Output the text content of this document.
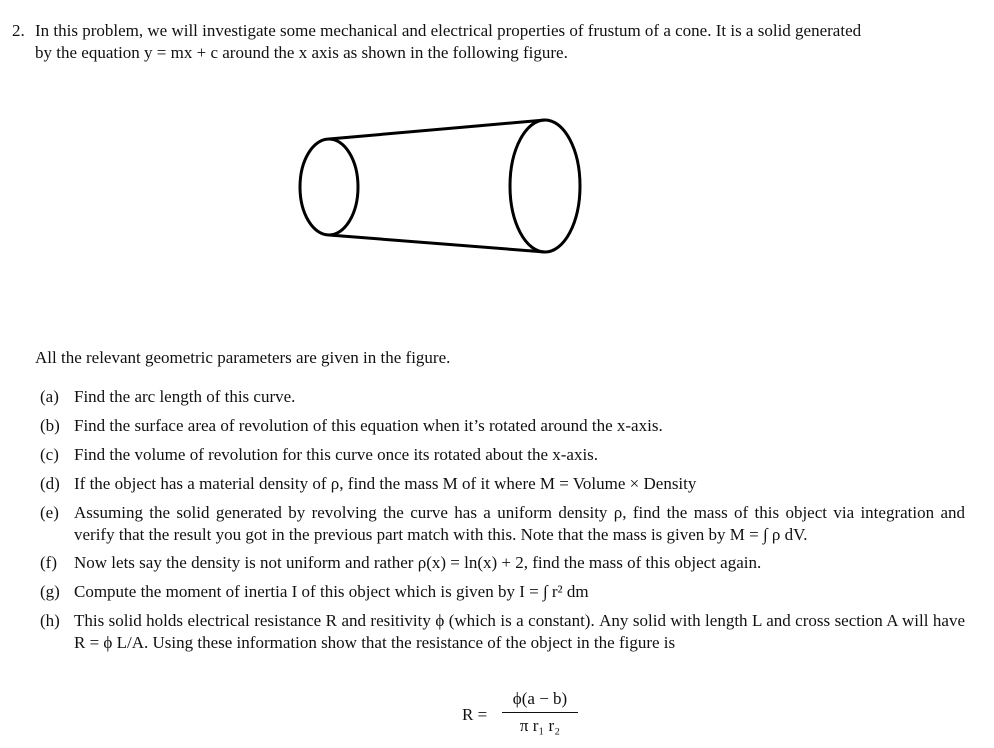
2. In this problem, we will investigate some mechanical and electrical properties of frustum of a cone. It is a solid generated
by the equation y = mx + c around the x axis as shown in the following figure.
All the relevant geometric parameters are given in the figure.
(a) Find the arc length of this curve.
(b) Find the surface area of revolution of this equation when it’s rotated around the x-axis.
(c) Find the volume of revolution for this curve once its rotated about the x-axis.
(d) If the object has a material density of ρ, find the mass M of it where M = Volume × Density
(e) Assuming the solid generated by revolving the curve has a uniform density ρ, find the mass of this object via integration and verify that the result you got in the previous part match with this. Note that the mass is given by M = ∫ ρ dV.
(f) Now lets say the density is not uniform and rather ρ(x) = ln(x) + 2, find the mass of this object again.
(g) Compute the moment of inertia I of this object which is given by I = ∫ r² dm
(h) This solid holds electrical resistance R and resitivity ϕ (which is a constant). Any solid with length L and cross section A will have R = ϕ L/A. Using these information show that the resistance of the object in the figure is
$R = \frac{\phi(a - b)}{\text{π r₁ r₂}}$
